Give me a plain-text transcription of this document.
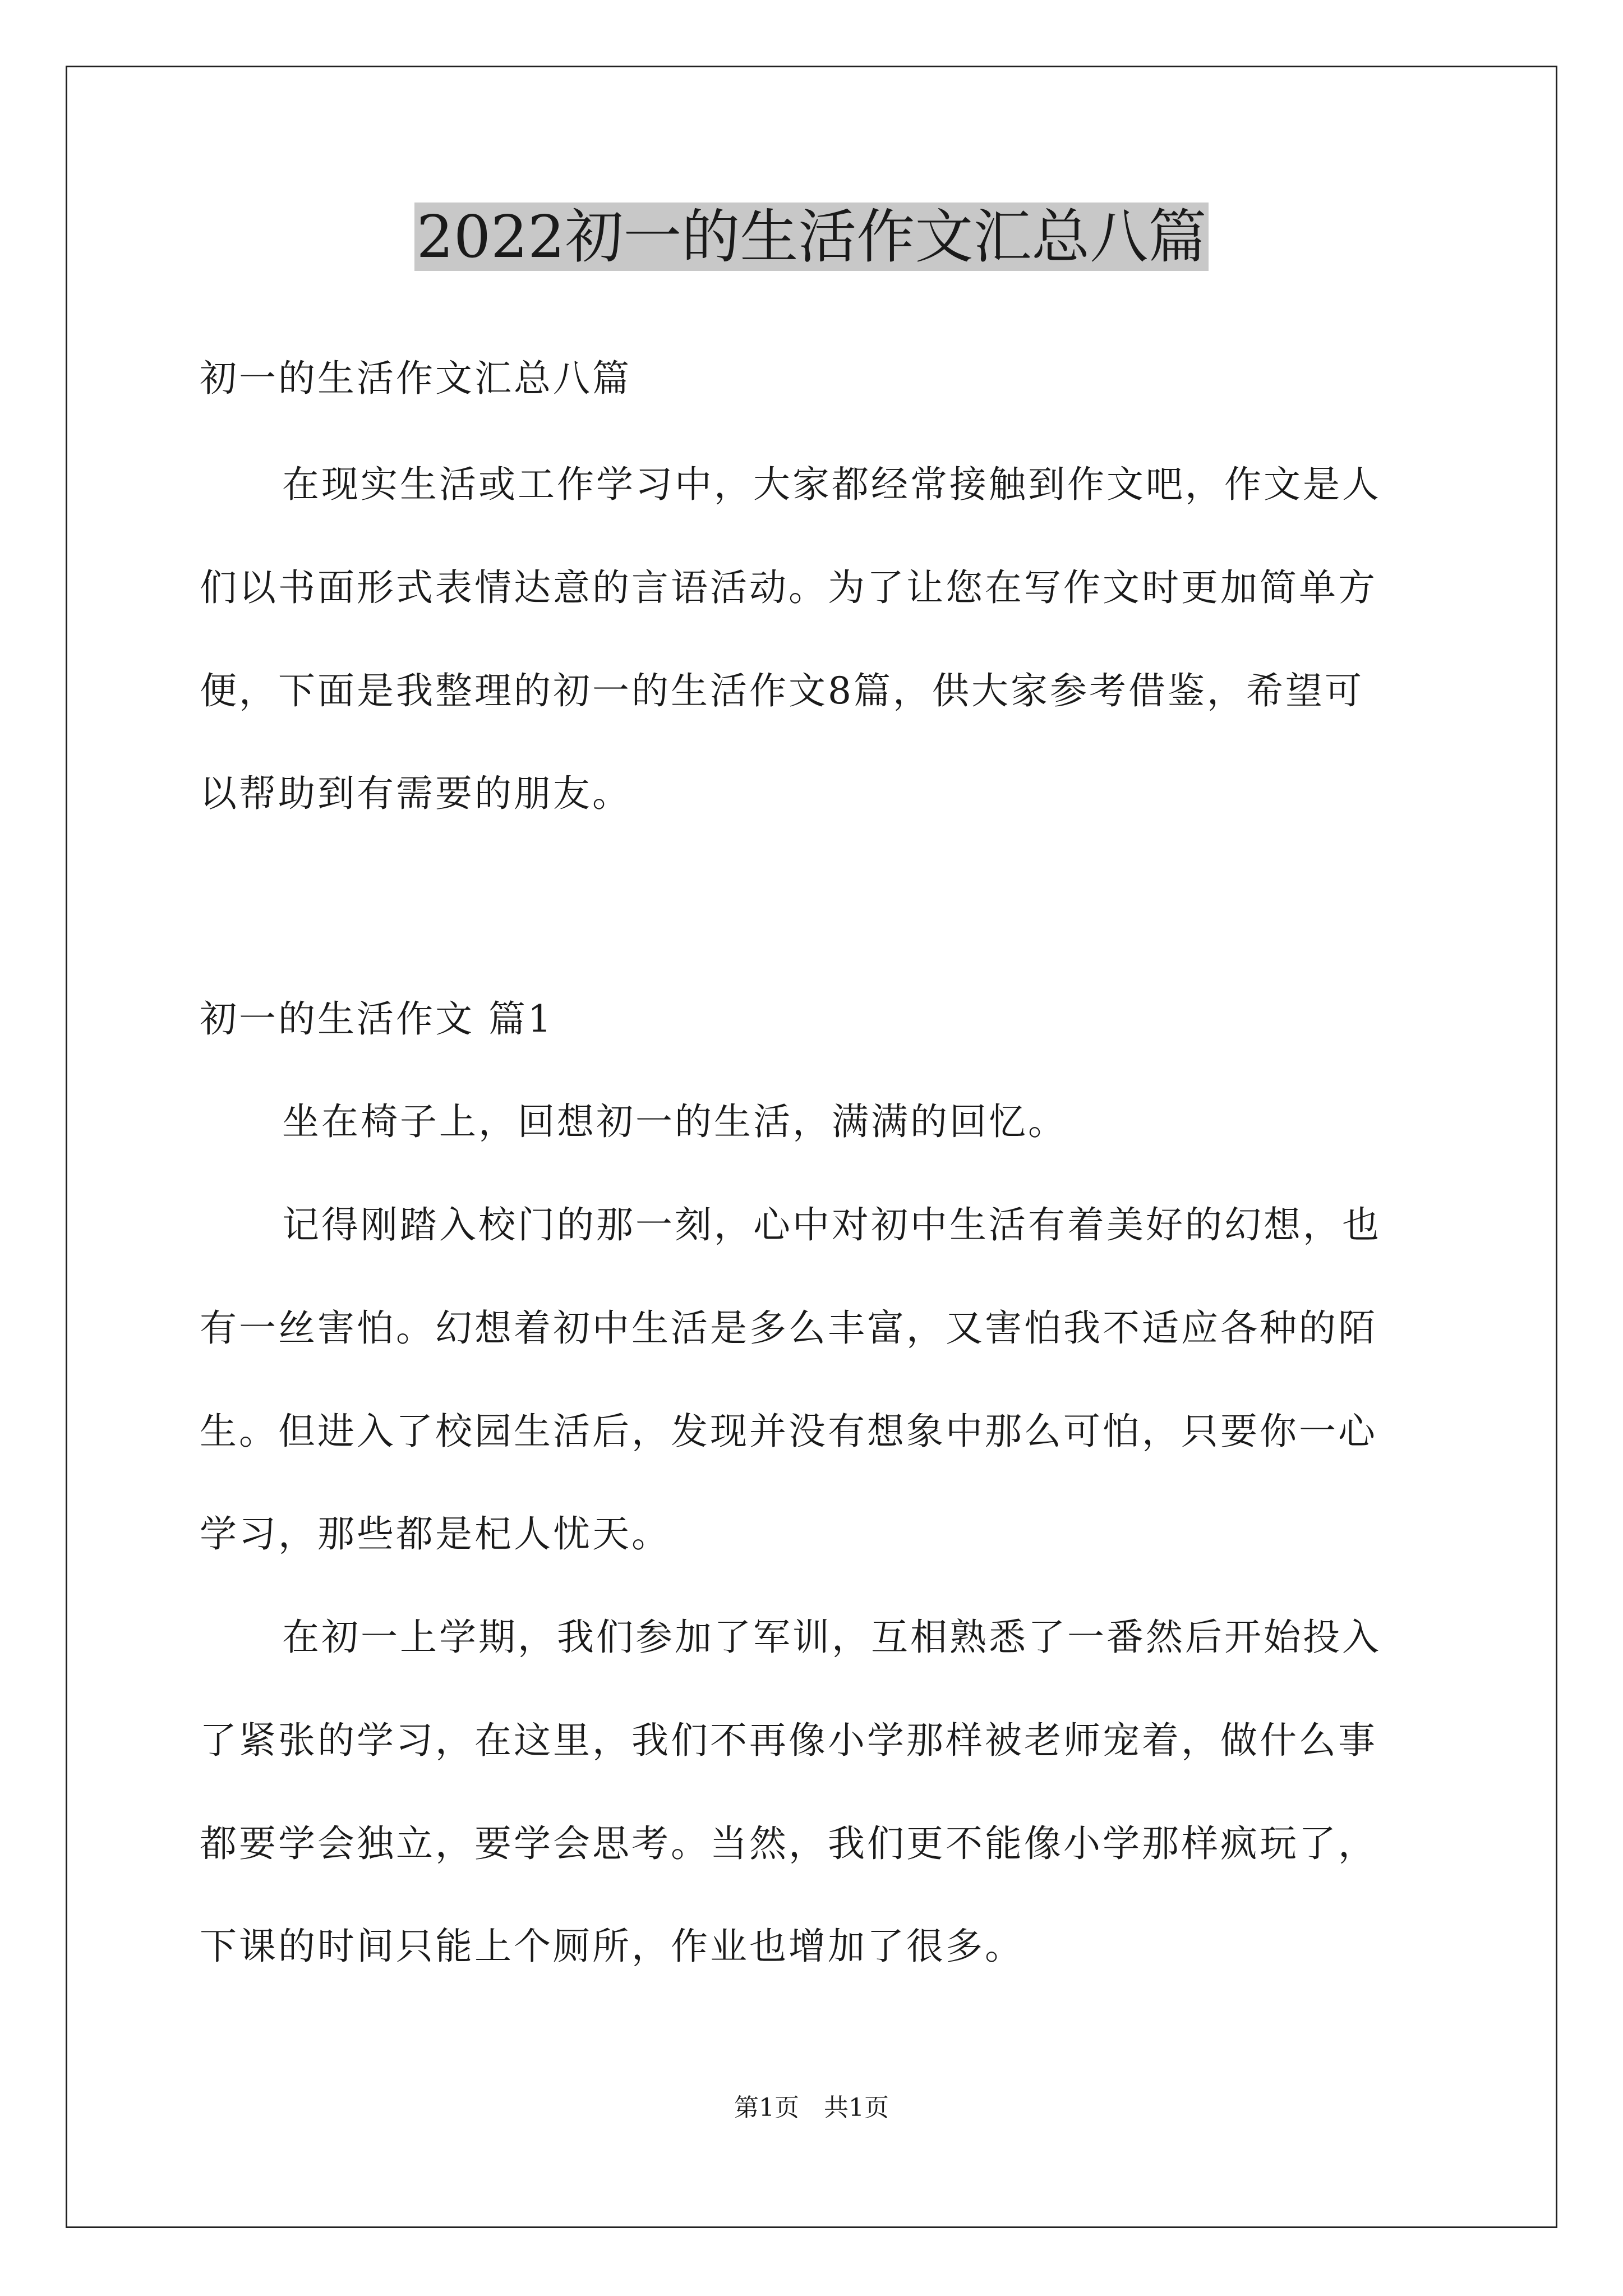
2022初一的生活作文汇总八篇
初一的生活作文汇总八篇
在现实生活或工作学习中，大家都经常接触到作文吧，作文是人
们以书面形式表情达意的言语活动。为了让您在写作文时更加简单方
便，下面是我整理的初一的生活作文8篇，供大家参考借鉴，希望可
以帮助到有需要的朋友。
初一的生活作文 篇1
坐在椅子上，回想初一的生活，满满的回忆。
记得刚踏入校门的那一刻，心中对初中生活有着美好的幻想，也
有一丝害怕。幻想着初中生活是多么丰富，又害怕我不适应各种的陌
生。但进入了校园生活后，发现并没有想象中那么可怕，只要你一心
学习，那些都是杞人忧天。
在初一上学期，我们参加了军训，互相熟悉了一番然后开始投入
了紧张的学习，在这里，我们不再像小学那样被老师宠着，做什么事
都要学会独立，要学会思考。当然，我们更不能像小学那样疯玩了，
下课的时间只能上个厕所，作业也增加了很多。
第1页　共1页
